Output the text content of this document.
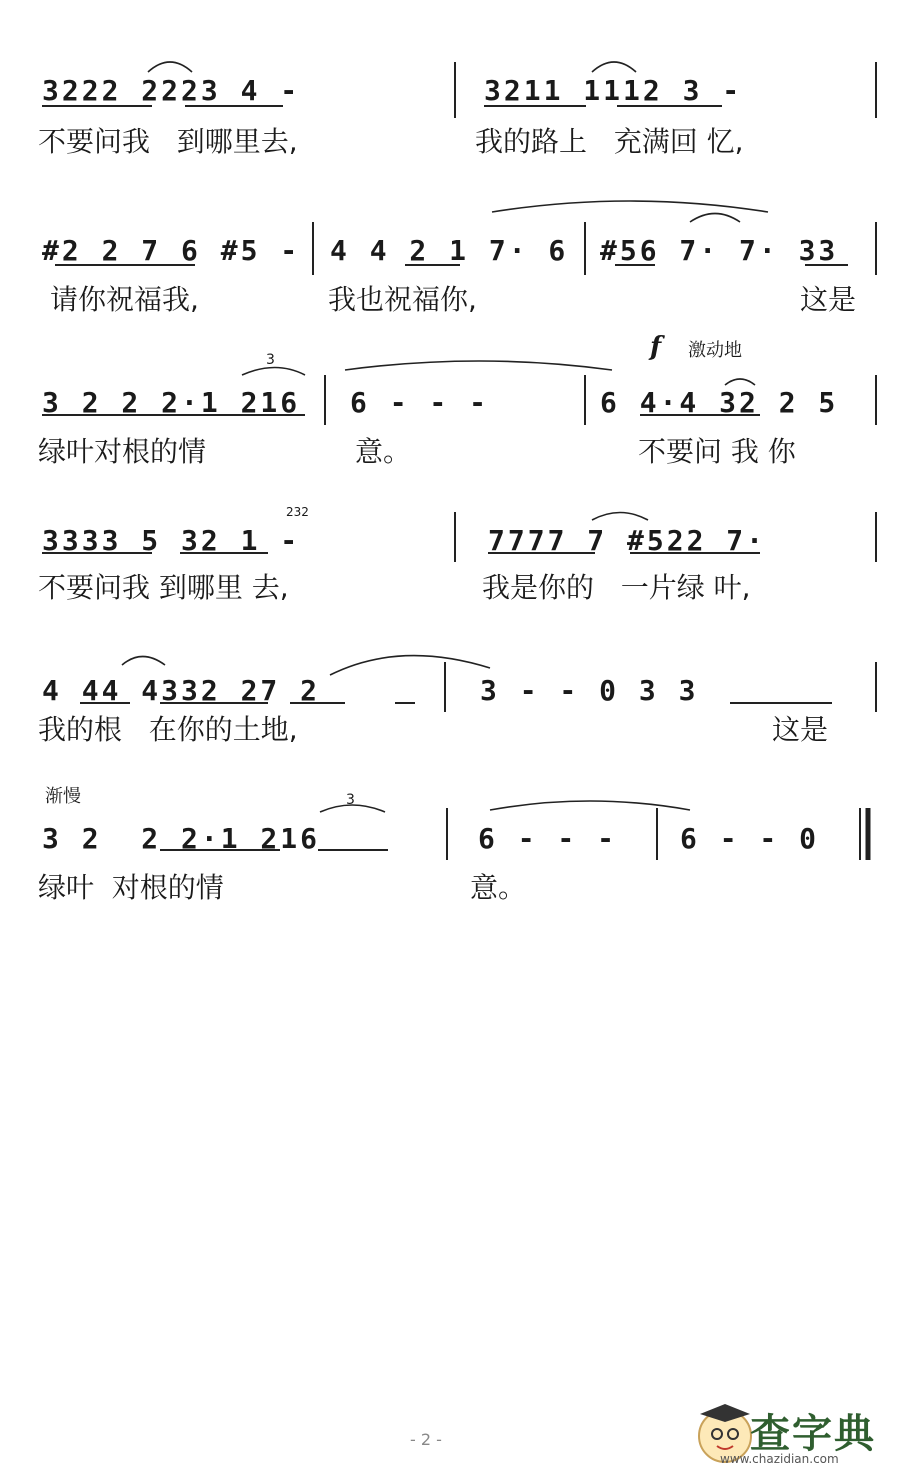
3222 2223 4 -	3211 1112 3 -
不要问我   到哪里去,	我的路上   充满回 忆,
#2 2 7 6 #5 - 4 4 2 1 7· 6 #56 7· 7· 33
请你祝福我,	我也祝福你,	这是
f 激动地
3
3 2 2 2·1 216 6 - - -	6 4·4 32 2 5
绿叶对根的情	意。	不要问 我 你
232
3333 5 32 1 -	7777 7 #522 7·
不要问我 到哪里 去,	我是你的   一片绿 叶,
4 44 4332 27 2	3 - - 0 3 3
我的根   在你的土地,	这是
渐慢	3
3 2  2 2·1 216	6 - - - 6 - - 0
绿叶  对根的情	意。
- 2 -	查字典
www.chazidian.com
